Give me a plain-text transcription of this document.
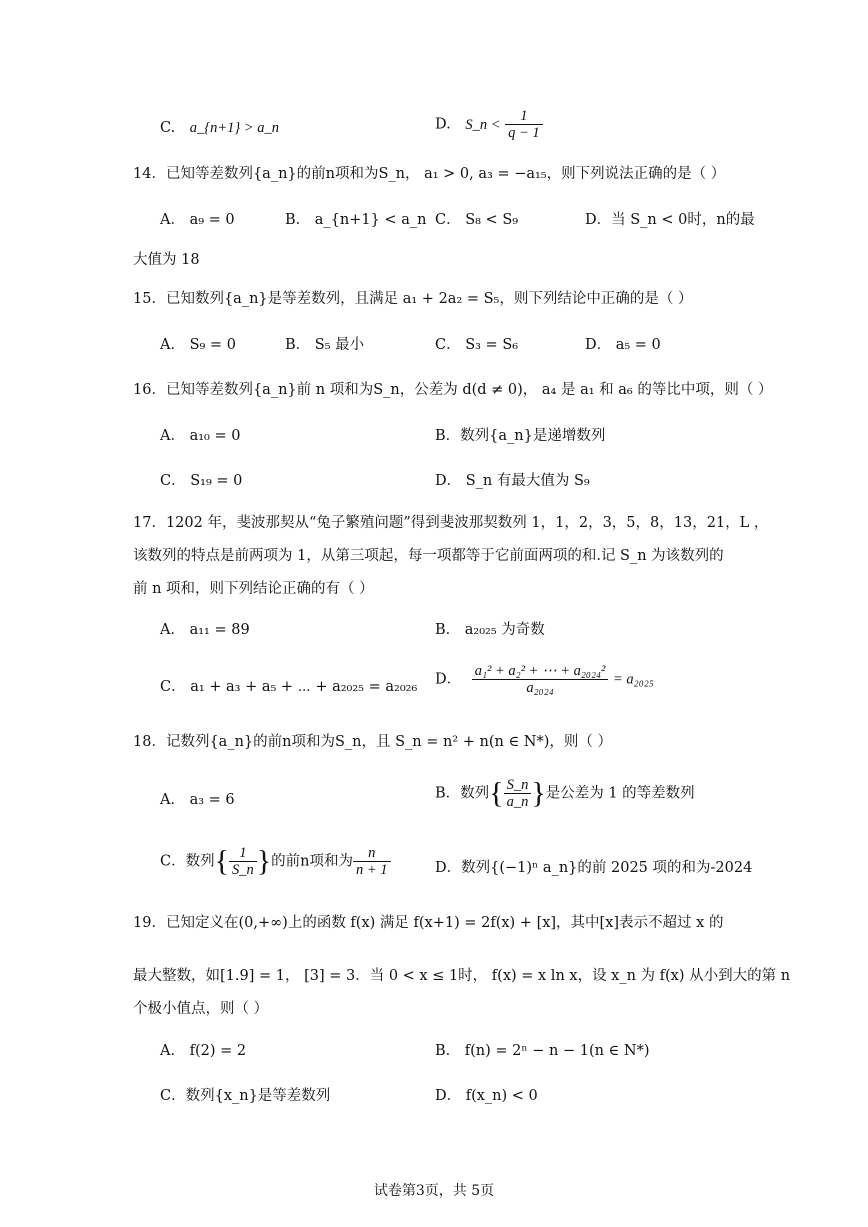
C. a_{n+1} > a_n	D. S_n < $\frac{1}{q - 1}$
14．已知等差数列{a_n}的前n项和为S_n， a₁ > 0, a₃ = −a₁₅，则下列说法正确的是（ ）
A． a₉ = 0	B． a_{n+1} < a_n C． S₈ < S₉	D．当 S_n < 0时，n的最
大值为 18
15．已知数列{a_n}是等差数列，且满足 a₁ + 2a₂ = S₅，则下列结论中正确的是（ ）
A． S₉ = 0	B． S₅ 最小	C． S₃ = S₆	D． a₅ = 0
16．已知等差数列{a_n}前 n 项和为S_n，公差为 d(d ≠ 0)， a₄ 是 a₁ 和 a₆ 的等比中项，则（ ）
A． a₁₀ = 0	B．数列{a_n}是递增数列
C． S₁₉ = 0	D． S_n 有最大值为 S₉
17．1202 年，斐波那契从“兔子繁殖问题”得到斐波那契数列 1，1，2，3，5，8，13，21，L ，
该数列的特点是前两项为 1，从第三项起，每一项都等于它前面两项的和.记 S_n 为该数列的
前 n 项和，则下列结论正确的有（ ）
A． a₁₁ = 89	B． a₂₀₂₅ 为奇数
C． a₁ + a₃ + a₅ + ⋯ + a₂₀₂₅ = a₂₀₂₆ D． $\frac{\text{a₁² + a₂² + ⋯ + a₂₀₂₄²}}{\text{a₂₀₂₄}} = a_{2025}$
18．记数列{a_n}的前n项和为S_n，且 S_n = n² + n(n ∈ N*)，则（ ）
A． a₃ = 6	B．数列{ $\frac{S\_n}{a\_n}$ }是公差为 1 的等差数列
C．数列{ $\frac{1}{S\_n}$ }的前n项和为 $\frac{n}{n + 1}$	D．数列{(−1)ⁿ a_n}的前 2025 项的和为-2024
19．已知定义在(0,+∞)上的函数 f(x) 满足 f(x+1) = 2f(x) + [x]，其中[x]表示不超过 x 的
最大整数，如[1.9] = 1， [3] = 3．当 0 < x ≤ 1时， f(x) = x ln x，设 x_n 为 f(x) 从小到大的第 n
个极小值点，则（ ）
A． f(2) = 2	B． f(n) = 2ⁿ − n − 1(n ∈ N*)
C．数列{x_n}是等差数列	D． f(x_n) < 0
试卷第3页，共 5页
